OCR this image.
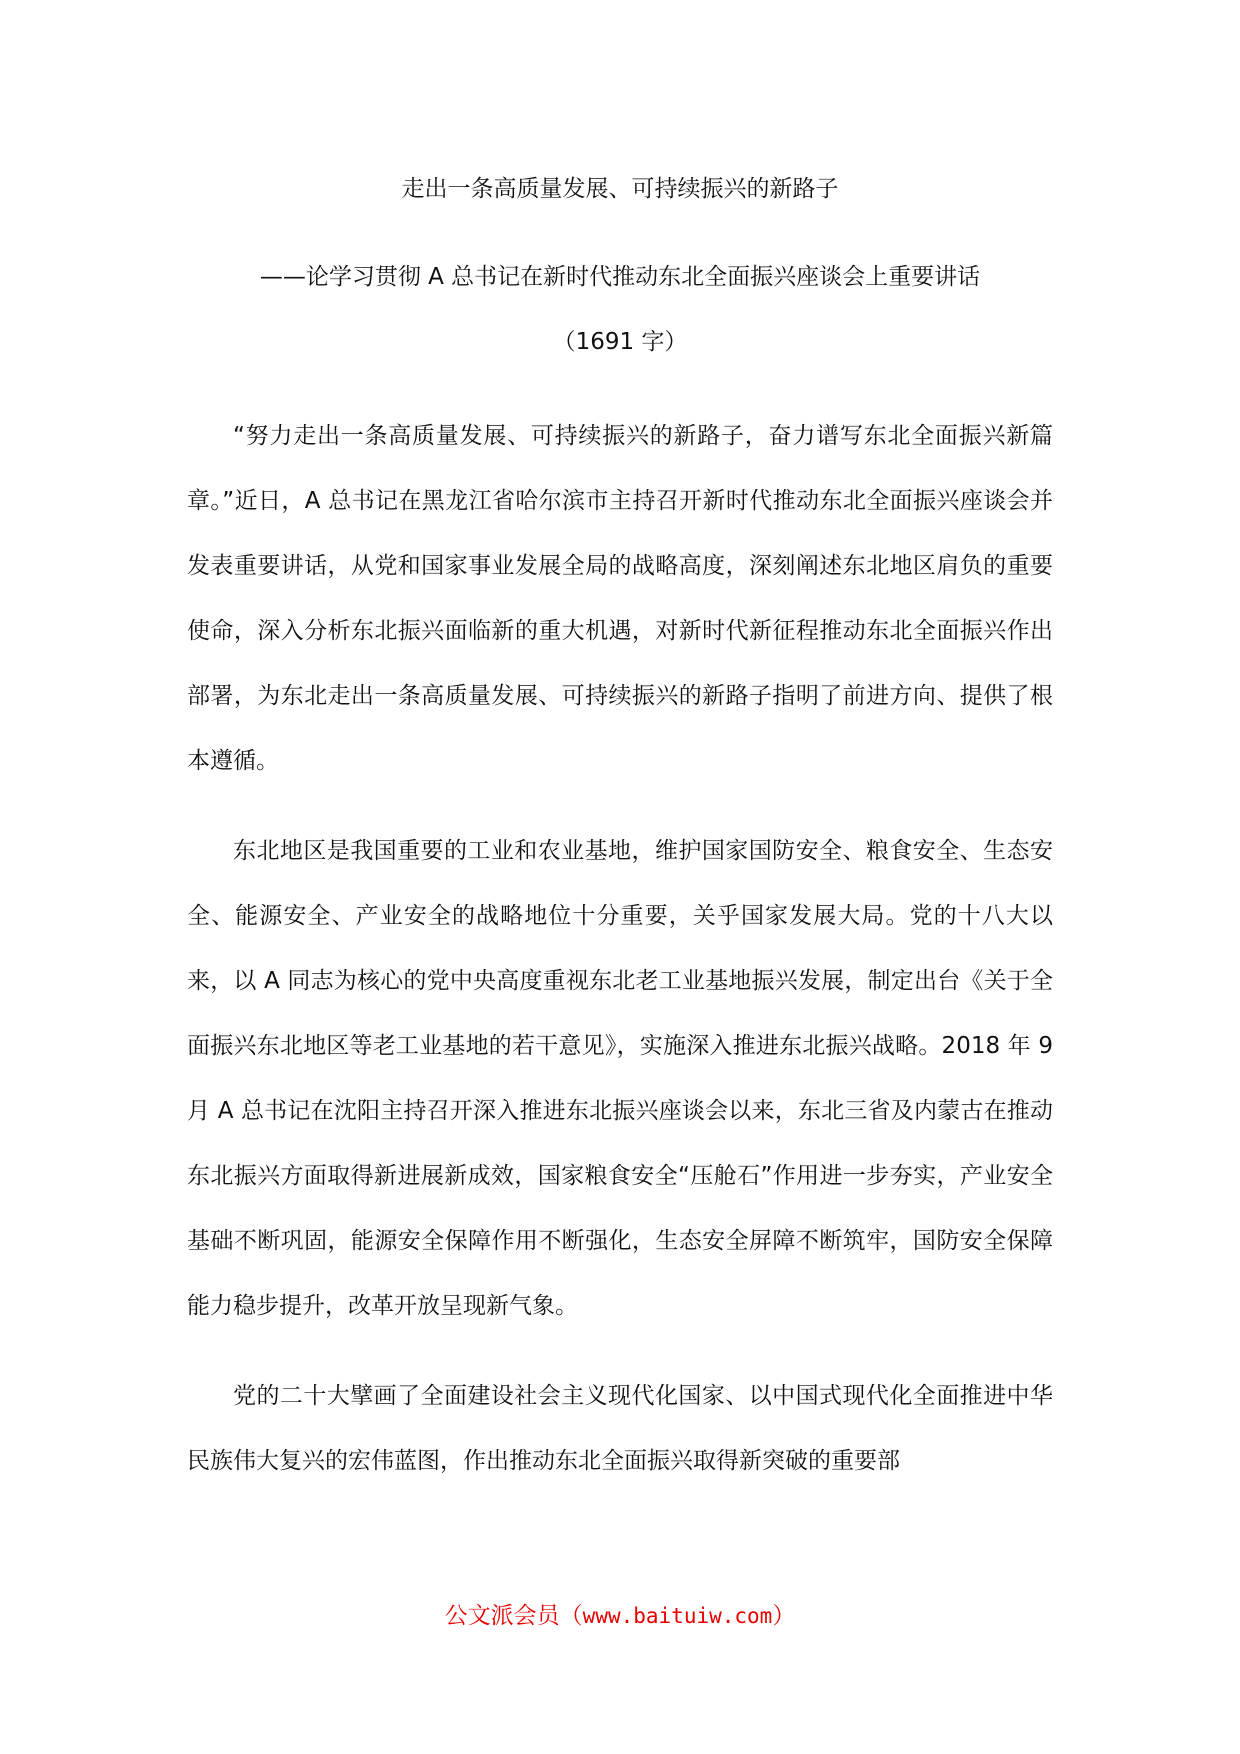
走出一条高质量发展、可持续振兴的新路子
——论学习贯彻 A 总书记在新时代推动东北全面振兴座谈会上重要讲话
（1691 字）

“努力走出一条高质量发展、可持续振兴的新路子，奋力谱写东北全面振兴新篇章。”近日，A 总书记在黑龙江省哈尔滨市主持召开新时代推动东北全面振兴座谈会并发表重要讲话，从党和国家事业发展全局的战略高度，深刻阐述东北地区肩负的重要使命，深入分析东北振兴面临新的重大机遇，对新时代新征程推动东北全面振兴作出部署，为东北走出一条高质量发展、可持续振兴的新路子指明了前进方向、提供了根本遵循。

东北地区是我国重要的工业和农业基地，维护国家国防安全、粮食安全、生态安全、能源安全、产业安全的战略地位十分重要，关乎国家发展大局。党的十八大以来，以 A 同志为核心的党中央高度重视东北老工业基地振兴发展，制定出台《关于全面振兴东北地区等老工业基地的若干意见》，实施深入推进东北振兴战略。2018 年 9 月 A 总书记在沈阳主持召开深入推进东北振兴座谈会以来，东北三省及内蒙古在推动东北振兴方面取得新进展新成效，国家粮食安全“压舱石”作用进一步夯实，产业安全基础不断巩固，能源安全保障作用不断强化，生态安全屏障不断筑牢，国防安全保障能力稳步提升，改革开放呈现新气象。

党的二十大擘画了全面建设社会主义现代化国家、以中国式现代化全面推进中华民族伟大复兴的宏伟蓝图，作出推动东北全面振兴取得新突破的重要部

公文派会员（www.baituiw.com）
